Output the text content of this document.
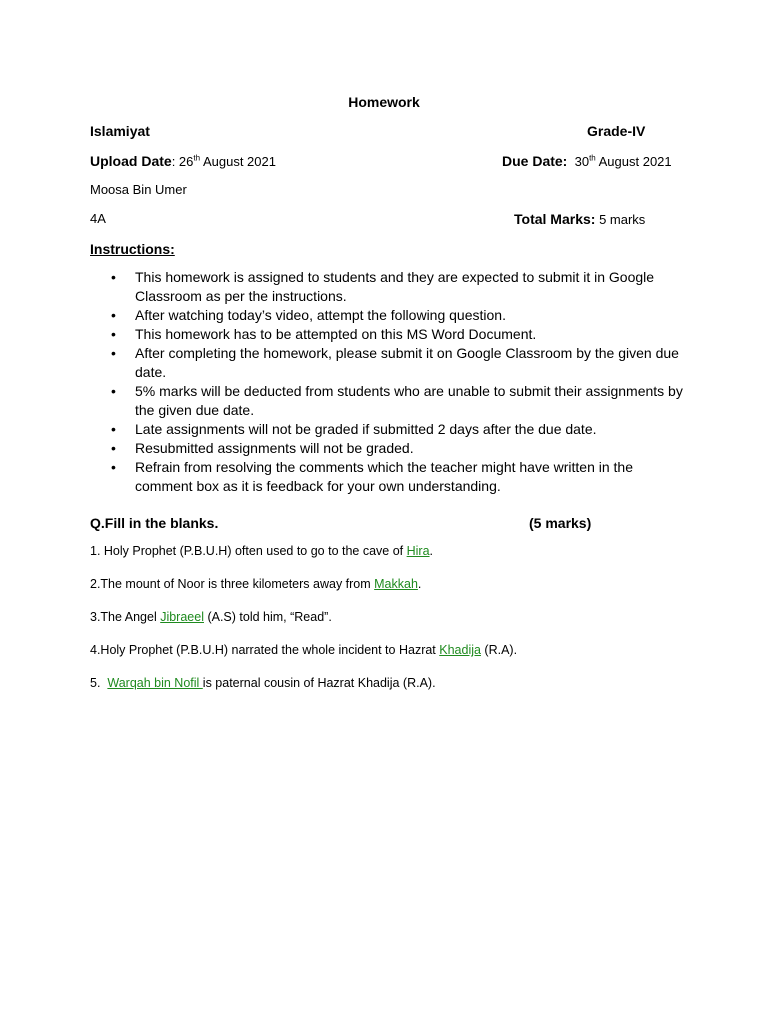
Homework
Islamiyat	Grade-IV
Upload Date: 26th August 2021	Due Date: 30th August 2021
Moosa Bin Umer
4A	Total Marks: 5 marks
Instructions:
• This homework is assigned to students and they are expected to submit it in Google Classroom as per the instructions.
• After watching today’s video, attempt the following question.
• This homework has to be attempted on this MS Word Document.
• After completing the homework, please submit it on Google Classroom by the given due date.
• 5% marks will be deducted from students who are unable to submit their assignments by the given due date.
• Late assignments will not be graded if submitted 2 days after the due date.
• Resubmitted assignments will not be graded.
• Refrain from resolving the comments which the teacher might have written in the comment box as it is feedback for your own understanding.
Q.Fill in the blanks.	(5 marks)
1. Holy Prophet (P.B.U.H) often used to go to the cave of Hira.
2.The mount of Noor is three kilometers away from Makkah.
3.The Angel Jibraeel (A.S) told him, “Read”.
4.Holy Prophet (P.B.U.H) narrated the whole incident to Hazrat Khadija (R.A).
5.  Warqah bin Nofil is paternal cousin of Hazrat Khadija (R.A).
